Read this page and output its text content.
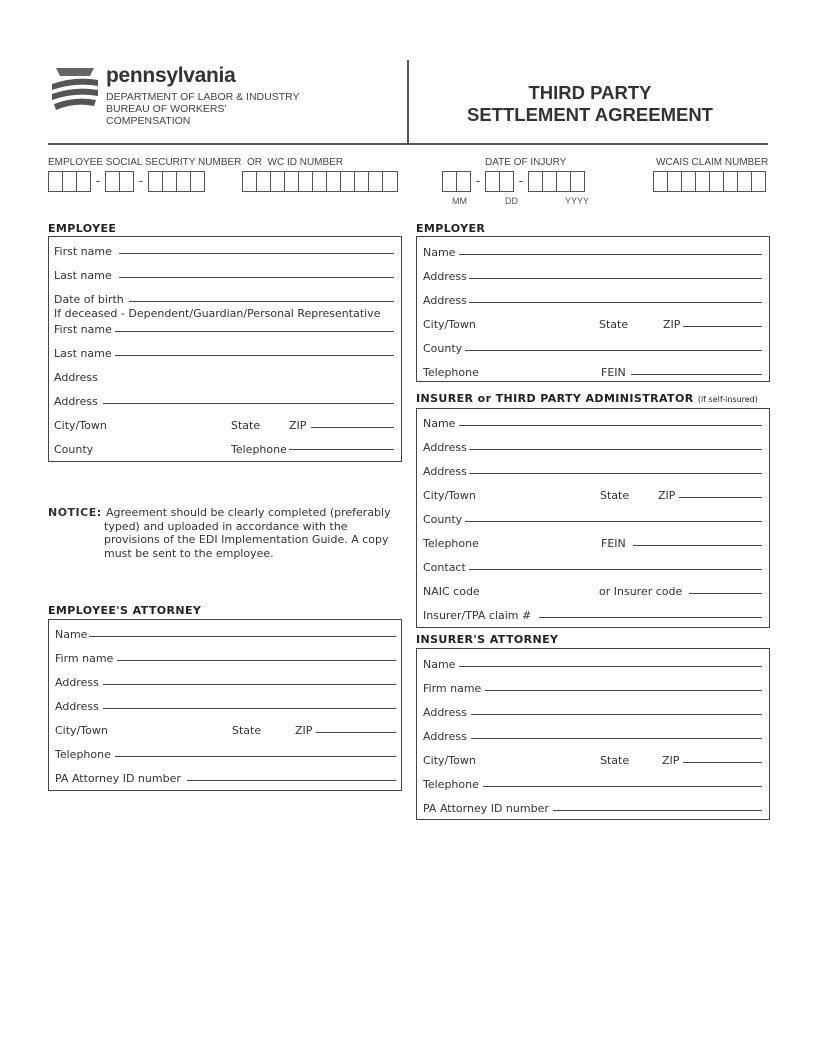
pennsylvania
DEPARTMENT OF LABOR & INDUSTRY
BUREAU OF WORKERS' COMPENSATION
THIRD PARTY
SETTLEMENT AGREEMENT
EMPLOYEE SOCIAL SECURITY NUMBER OR WC ID NUMBER
-	-
DATE OF INJURY
-	-
MM	DD	YYYY
WCAIS CLAIM NUMBER
EMPLOYEE
First name
Last name
Date of birth
If deceased - Dependent/Guardian/Personal Representative
First name
Last name
Address
Address
City/Town	State	ZIP
County	Telephone
NOTICE: Agreement should be clearly completed (preferably
typed) and uploaded in accordance with the
provisions of the EDI Implementation Guide. A copy
must be sent to the employee.
EMPLOYEE'S ATTORNEY
Name
Firm name
Address
Address
City/Town	State	ZIP
Telephone
PA Attorney ID number
EMPLOYER
Name
Address
Address
City/Town	State	ZIP
County
Telephone	FEIN
INSURER or THIRD PARTY ADMINISTRATOR (if self-insured)
Name
Address
Address
City/Town	State	ZIP
County
Telephone	FEIN
Contact
NAIC code	or Insurer code
Insurer/TPA claim #
INSURER'S ATTORNEY
Name
Firm name
Address
Address
City/Town	State	ZIP
Telephone
PA Attorney ID number
